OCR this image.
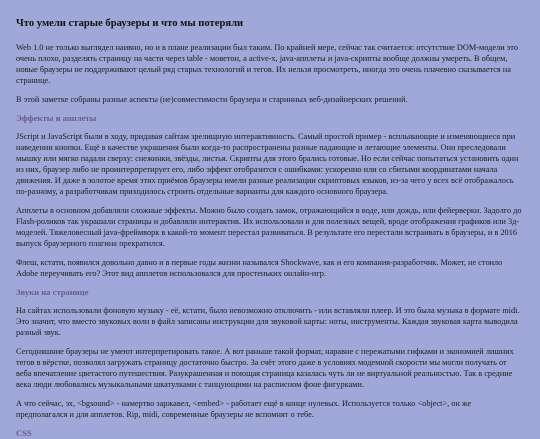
Что умели старые браузеры и что мы потеряли

Web 1.0 не только выглядел наивно, но и в плане реализации был таким. По крайней мере, сейчас так считается: отсутствие DOM-модели это очень плохо, разделять страницу на части через table - моветон, а active-x, java-апплеты и java-скрипты вообще должны умереть. В общем, новые браузеры не поддерживают целый ряд старых технологий и тегов. Их нельзя просмотреть, иногда это очень плачевно сказывается на странице.

В этой заметке собраны разные аспекты (не)совместимости браузера и старинных веб-дизайнерских решений.

Эффекты и апплеты

JScript и JavaScript были в ходу, придавая сайтам зрелищную интерактивность. Самый простой пример - всплывающие и изменяющиеся при наведении кнопки. Ещё в качестве украшения были когда-то распространены разные падающие и летающие элементы. Они преследовали мышку или мягко падали сверху: снежинки, звёзды, листья. Скрипты для этого брались готовые. Но если сейчас попытаться установить один из них, браузер либо не проинтерпретирует его, либо эффект отобразится с ошибками: ускоренно или со сбитыми координатами начала движения. И даже в золотое время этих приёмов браузеры имели разные реализации скриптовых языков, из-за чего у всех всё отображалось по-разному, а разработчикам приходилось строить отдельные варианты для каждого основного браузера.

Апплеты в основном добавляли сложные эффекты. Можно было создать замок, отражающийся в воде, или дождь, или фейерверки. Задолго до Flash-роликов так украшали страницы и добавляли интерактив. Их использовали и для полезных вещей, вроде отображения графиков или 3д-моделей. Тяжеловесный java-фреймворк в какой-то момент перестал развиваться. В результате его перестали встраивать в браузеры, и в 2016 выпуск браузерного плагина прекратился.

Флеш, кстати, появился довольно давно и в первые годы жизни назывался Shockwave, как и его компания-разработчик. Может, не стоило Adobe переучивать его? Этот вид апплетов использовался для простеньких онлайн-игр.

Звуки на странице

На сайтах использовали фоновую музыку - её, кстати, было невозможно отключить - или вставляли плеер. И это была музыка в формате midi. Это значит, что вместо звуковых волн в файл записаны инструкции для звуковой карты: ноты, инструменты. Каждая звуковая карта выводила разный звук.

Сегодняшние браузеры не умеют интерпретировать такое. А вот раньше такой формат, наравне с пережатыми гифками и экономией лишних тегов в вёрстке, позволял загружать страницу достаточно быстро. За счёт этого даже в условиях модемной скорости мы могли получать от веба впечатление цветастого путешествия. Разукрашенная и поющая страница казалась чуть ли не виртуальной реальностью. Так в средние века люди любовались музыкальными шкатулками с танцующими на расписном фоне фигурками.

А что сейчас, эх, <bgsound> - намертво заржавел, <embed> - работает ещё в конце нулевых. Используется только <object>, он же предполагался и для апплетов. Rip, midi, современные браузеры не вспомнят о тебе.

CSS
